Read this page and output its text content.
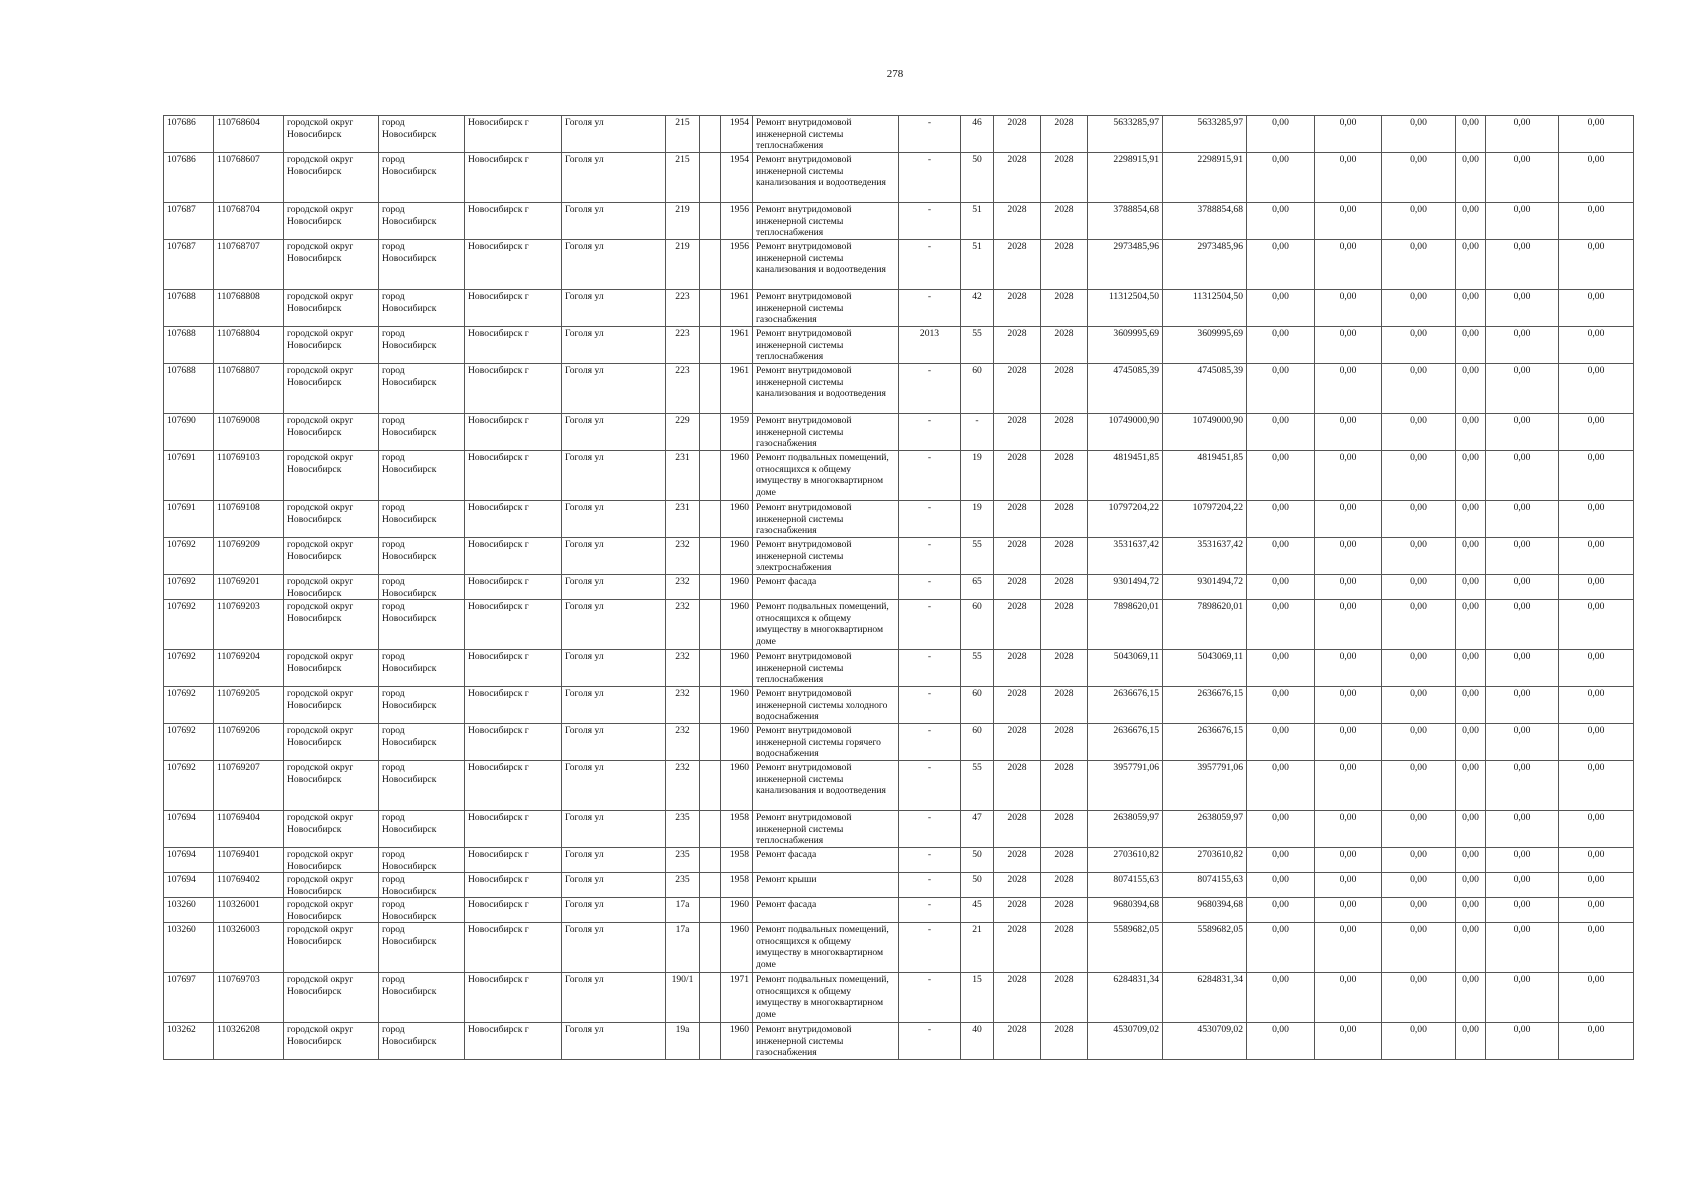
278
107686	110768604	городской округ Новосибирск	город Новосибирск	Новосибирск г	Гоголя ул	215		1954	Ремонт внутридомовой инженерной системы теплоснабжения	-	46	2028	2028	5633285,97	5633285,97	0,00	0,00	0,00	0,00	0,00	0,00
107686	110768607	городской округ Новосибирск	город Новосибирск	Новосибирск г	Гоголя ул	215		1954	Ремонт внутридомовой инженерной системы канализования и водоотведения	-	50	2028	2028	2298915,91	2298915,91	0,00	0,00	0,00	0,00	0,00	0,00
107687	110768704	городской округ Новосибирск	город Новосибирск	Новосибирск г	Гоголя ул	219		1956	Ремонт внутридомовой инженерной системы теплоснабжения	-	51	2028	2028	3788854,68	3788854,68	0,00	0,00	0,00	0,00	0,00	0,00
107687	110768707	городской округ Новосибирск	город Новосибирск	Новосибирск г	Гоголя ул	219		1956	Ремонт внутридомовой инженерной системы канализования и водоотведения	-	51	2028	2028	2973485,96	2973485,96	0,00	0,00	0,00	0,00	0,00	0,00
107688	110768808	городской округ Новосибирск	город Новосибирск	Новосибирск г	Гоголя ул	223		1961	Ремонт внутридомовой инженерной системы газоснабжения	-	42	2028	2028	11312504,50	11312504,50	0,00	0,00	0,00	0,00	0,00	0,00
107688	110768804	городской округ Новосибирск	город Новосибирск	Новосибирск г	Гоголя ул	223		1961	Ремонт внутридомовой инженерной системы теплоснабжения	2013	55	2028	2028	3609995,69	3609995,69	0,00	0,00	0,00	0,00	0,00	0,00
107688	110768807	городской округ Новосибирск	город Новосибирск	Новосибирск г	Гоголя ул	223		1961	Ремонт внутридомовой инженерной системы канализования и водоотведения	-	60	2028	2028	4745085,39	4745085,39	0,00	0,00	0,00	0,00	0,00	0,00
107690	110769008	городской округ Новосибирск	город Новосибирск	Новосибирск г	Гоголя ул	229		1959	Ремонт внутридомовой инженерной системы газоснабжения	-	-	2028	2028	10749000,90	10749000,90	0,00	0,00	0,00	0,00	0,00	0,00
107691	110769103	городской округ Новосибирск	город Новосибирск	Новосибирск г	Гоголя ул	231		1960	Ремонт подвальных помещений, относящихся к общему имуществу в многоквартирном доме	-	19	2028	2028	4819451,85	4819451,85	0,00	0,00	0,00	0,00	0,00	0,00
107691	110769108	городской округ Новосибирск	город Новосибирск	Новосибирск г	Гоголя ул	231		1960	Ремонт внутридомовой инженерной системы газоснабжения	-	19	2028	2028	10797204,22	10797204,22	0,00	0,00	0,00	0,00	0,00	0,00
107692	110769209	городской округ Новосибирск	город Новосибирск	Новосибирск г	Гоголя ул	232		1960	Ремонт внутридомовой инженерной системы электроснабжения	-	55	2028	2028	3531637,42	3531637,42	0,00	0,00	0,00	0,00	0,00	0,00
107692	110769201	городской округ Новосибирск	город Новосибирск	Новосибирск г	Гоголя ул	232		1960	Ремонт фасада	-	65	2028	2028	9301494,72	9301494,72	0,00	0,00	0,00	0,00	0,00	0,00
107692	110769203	городской округ Новосибирск	город Новосибирск	Новосибирск г	Гоголя ул	232		1960	Ремонт подвальных помещений, относящихся к общему имуществу в многоквартирном доме	-	60	2028	2028	7898620,01	7898620,01	0,00	0,00	0,00	0,00	0,00	0,00
107692	110769204	городской округ Новосибирск	город Новосибирск	Новосибирск г	Гоголя ул	232		1960	Ремонт внутридомовой инженерной системы теплоснабжения	-	55	2028	2028	5043069,11	5043069,11	0,00	0,00	0,00	0,00	0,00	0,00
107692	110769205	городской округ Новосибирск	город Новосибирск	Новосибирск г	Гоголя ул	232		1960	Ремонт внутридомовой инженерной системы холодного водоснабжения	-	60	2028	2028	2636676,15	2636676,15	0,00	0,00	0,00	0,00	0,00	0,00
107692	110769206	городской округ Новосибирск	город Новосибирск	Новосибирск г	Гоголя ул	232		1960	Ремонт внутридомовой инженерной системы горячего водоснабжения	-	60	2028	2028	2636676,15	2636676,15	0,00	0,00	0,00	0,00	0,00	0,00
107692	110769207	городской округ Новосибирск	город Новосибирск	Новосибирск г	Гоголя ул	232		1960	Ремонт внутридомовой инженерной системы канализования и водоотведения	-	55	2028	2028	3957791,06	3957791,06	0,00	0,00	0,00	0,00	0,00	0,00
107694	110769404	городской округ Новосибирск	город Новосибирск	Новосибирск г	Гоголя ул	235		1958	Ремонт внутридомовой инженерной системы теплоснабжения	-	47	2028	2028	2638059,97	2638059,97	0,00	0,00	0,00	0,00	0,00	0,00
107694	110769401	городской округ Новосибирск	город Новосибирск	Новосибирск г	Гоголя ул	235		1958	Ремонт фасада	-	50	2028	2028	2703610,82	2703610,82	0,00	0,00	0,00	0,00	0,00	0,00
107694	110769402	городской округ Новосибирск	город Новосибирск	Новосибирск г	Гоголя ул	235		1958	Ремонт крыши	-	50	2028	2028	8074155,63	8074155,63	0,00	0,00	0,00	0,00	0,00	0,00
103260	110326001	городской округ Новосибирск	город Новосибирск	Новосибирск г	Гоголя ул	17а		1960	Ремонт фасада	-	45	2028	2028	9680394,68	9680394,68	0,00	0,00	0,00	0,00	0,00	0,00
103260	110326003	городской округ Новосибирск	город Новосибирск	Новосибирск г	Гоголя ул	17а		1960	Ремонт подвальных помещений, относящихся к общему имуществу в многоквартирном доме	-	21	2028	2028	5589682,05	5589682,05	0,00	0,00	0,00	0,00	0,00	0,00
107697	110769703	городской округ Новосибирск	город Новосибирск	Новосибирск г	Гоголя ул	190/1		1971	Ремонт подвальных помещений, относящихся к общему имуществу в многоквартирном доме	-	15	2028	2028	6284831,34	6284831,34	0,00	0,00	0,00	0,00	0,00	0,00
103262	110326208	городской округ Новосибирск	город Новосибирск	Новосибирск г	Гоголя ул	19а		1960	Ремонт внутридомовой инженерной системы газоснабжения	-	40	2028	2028	4530709,02	4530709,02	0,00	0,00	0,00	0,00	0,00	0,00
